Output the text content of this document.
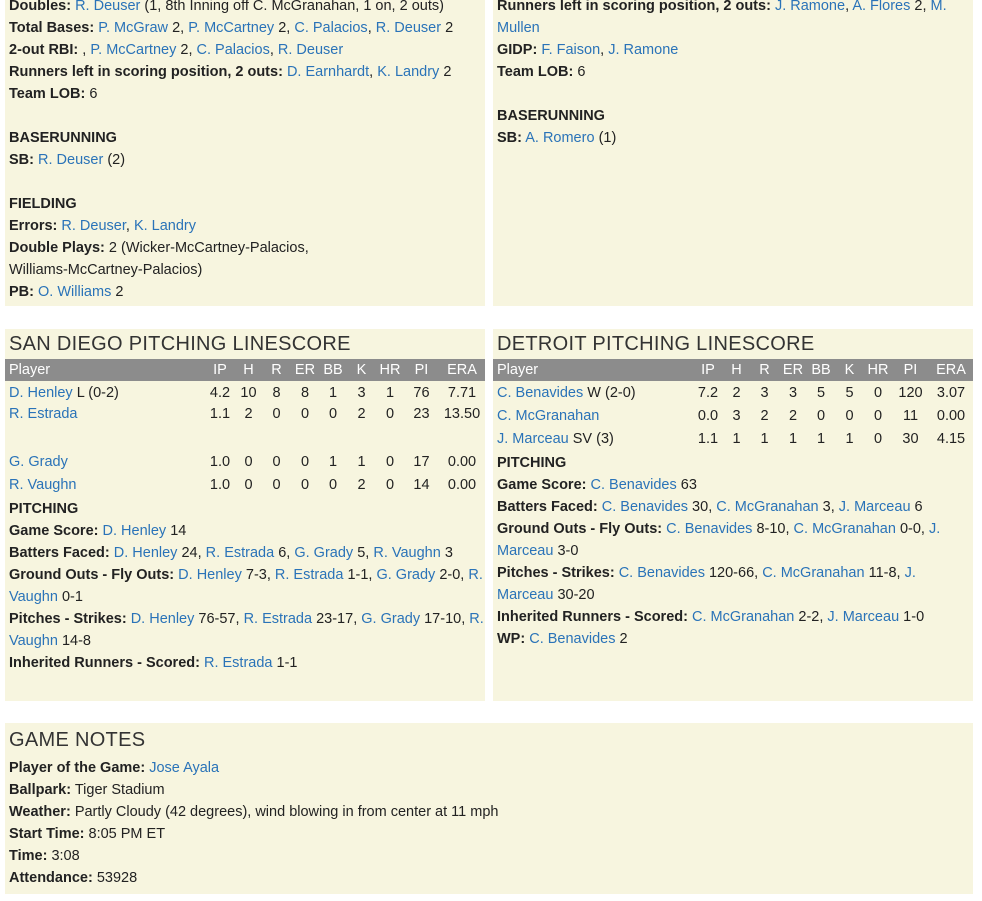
Doubles: R. Deuser (1, 8th Inning off C. McGranahan, 1 on, 2 outs)
Total Bases: P. McGraw 2, P. McCartney 2, C. Palacios, R. Deuser 2
2-out RBI: , P. McCartney 2, C. Palacios, R. Deuser
Runners left in scoring position, 2 outs: D. Earnhardt, K. Landry 2
Team LOB: 6
BASERUNNING
SB: R. Deuser (2)
FIELDING
Errors: R. Deuser, K. Landry
Double Plays: 2 (Wicker-McCartney-Palacios,
Williams-McCartney-Palacios)
PB: O. Williams 2
Runners left in scoring position, 2 outs: J. Ramone, A. Flores 2, M.
Mullen
GIDP: F. Faison, J. Ramone
Team LOB: 6
BASERUNNING
SB: A. Romero (1)
SAN DIEGO PITCHING LINESCORE
Player	IP	H	R	ER	BB	K	HR	PI	ERA
D. Henley L (0-2)	4.2	10	8	8	1	3	1	76	7.71
R. Estrada	1.1	2	0	0	0	2	0	23	13.50
G. Grady	1.0	0	0	0	1	1	0	17	0.00
R. Vaughn	1.0	0	0	0	0	2	0	14	0.00
PITCHING
Game Score: D. Henley 14
Batters Faced: D. Henley 24, R. Estrada 6, G. Grady 5, R. Vaughn 3
Ground Outs - Fly Outs: D. Henley 7-3, R. Estrada 1-1, G. Grady 2-0, R.
Vaughn 0-1
Pitches - Strikes: D. Henley 76-57, R. Estrada 23-17, G. Grady 17-10, R.
Vaughn 14-8
Inherited Runners - Scored: R. Estrada 1-1
DETROIT PITCHING LINESCORE
Player	IP	H	R	ER	BB	K	HR	PI	ERA
C. Benavides W (2-0)	7.2	2	3	3	5	5	0	120	3.07
C. McGranahan	0.0	3	2	2	0	0	0	11	0.00
J. Marceau SV (3)	1.1	1	1	1	1	1	0	30	4.15
PITCHING
Game Score: C. Benavides 63
Batters Faced: C. Benavides 30, C. McGranahan 3, J. Marceau 6
Ground Outs - Fly Outs: C. Benavides 8-10, C. McGranahan 0-0, J.
Marceau 3-0
Pitches - Strikes: C. Benavides 120-66, C. McGranahan 11-8, J.
Marceau 30-20
Inherited Runners - Scored: C. McGranahan 2-2, J. Marceau 1-0
WP: C. Benavides 2
GAME NOTES
Player of the Game: Jose Ayala
Ballpark: Tiger Stadium
Weather: Partly Cloudy (42 degrees), wind blowing in from center at 11 mph
Start Time: 8:05 PM ET
Time: 3:08
Attendance: 53928
